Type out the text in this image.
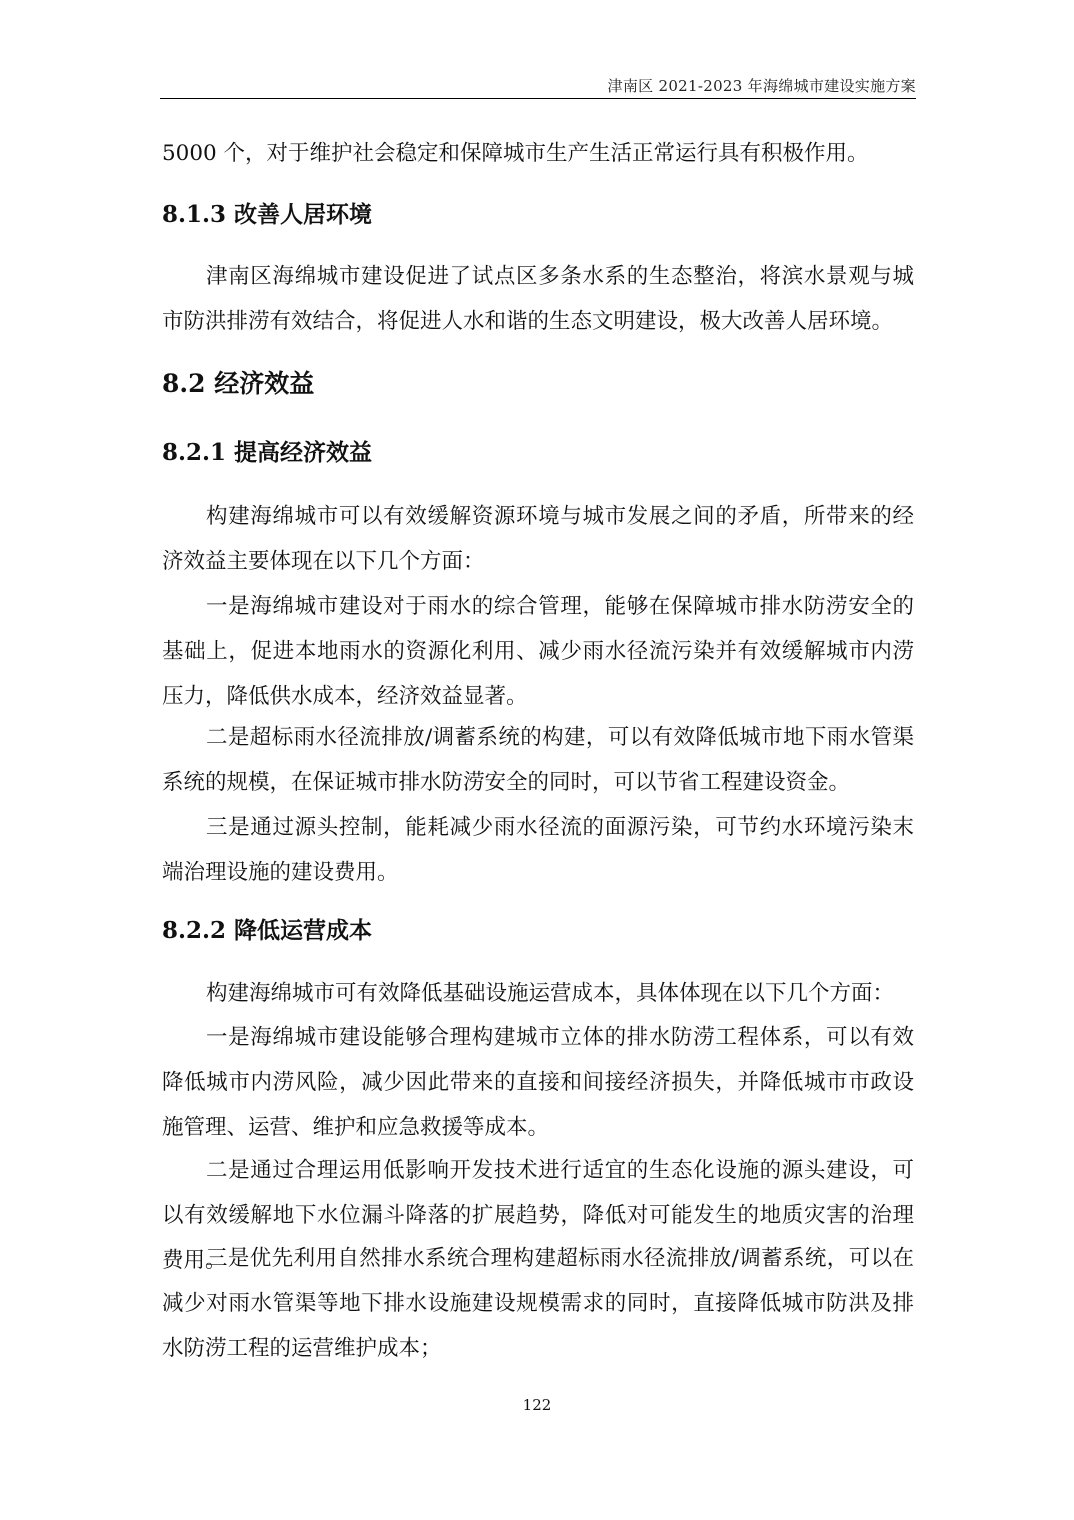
津南区 2021-2023 年海绵城市建设实施方案

5000 个，对于维护社会稳定和保障城市生产生活正常运行具有积极作用。

8.1.3 改善人居环境

津南区海绵城市建设促进了试点区多条水系的生态整治，将滨水景观与城市防洪排涝有效结合，将促进人水和谐的生态文明建设，极大改善人居环境。

8.2 经济效益
8.2.1 提高经济效益

构建海绵城市可以有效缓解资源环境与城市发展之间的矛盾，所带来的经济效益主要体现在以下几个方面：

一是海绵城市建设对于雨水的综合管理，能够在保障城市排水防涝安全的基础上，促进本地雨水的资源化利用、减少雨水径流污染并有效缓解城市内涝压力，降低供水成本，经济效益显著。

二是超标雨水径流排放/调蓄系统的构建，可以有效降低城市地下雨水管渠系统的规模，在保证城市排水防涝安全的同时，可以节省工程建设资金。

三是通过源头控制，能耗减少雨水径流的面源污染，可节约水环境污染末端治理设施的建设费用。

8.2.2 降低运营成本

构建海绵城市可有效降低基础设施运营成本，具体体现在以下几个方面：

一是海绵城市建设能够合理构建城市立体的排水防涝工程体系，可以有效降低城市内涝风险，减少因此带来的直接和间接经济损失，并降低城市市政设施管理、运营、维护和应急救援等成本。

二是通过合理运用低影响开发技术进行适宜的生态化设施的源头建设，可以有效缓解地下水位漏斗降落的扩展趋势，降低对可能发生的地质灾害的治理费用。

三是优先利用自然排水系统合理构建超标雨水径流排放/调蓄系统，可以在减少对雨水管渠等地下排水设施建设规模需求的同时，直接降低城市防洪及排水防涝工程的运营维护成本；

122
